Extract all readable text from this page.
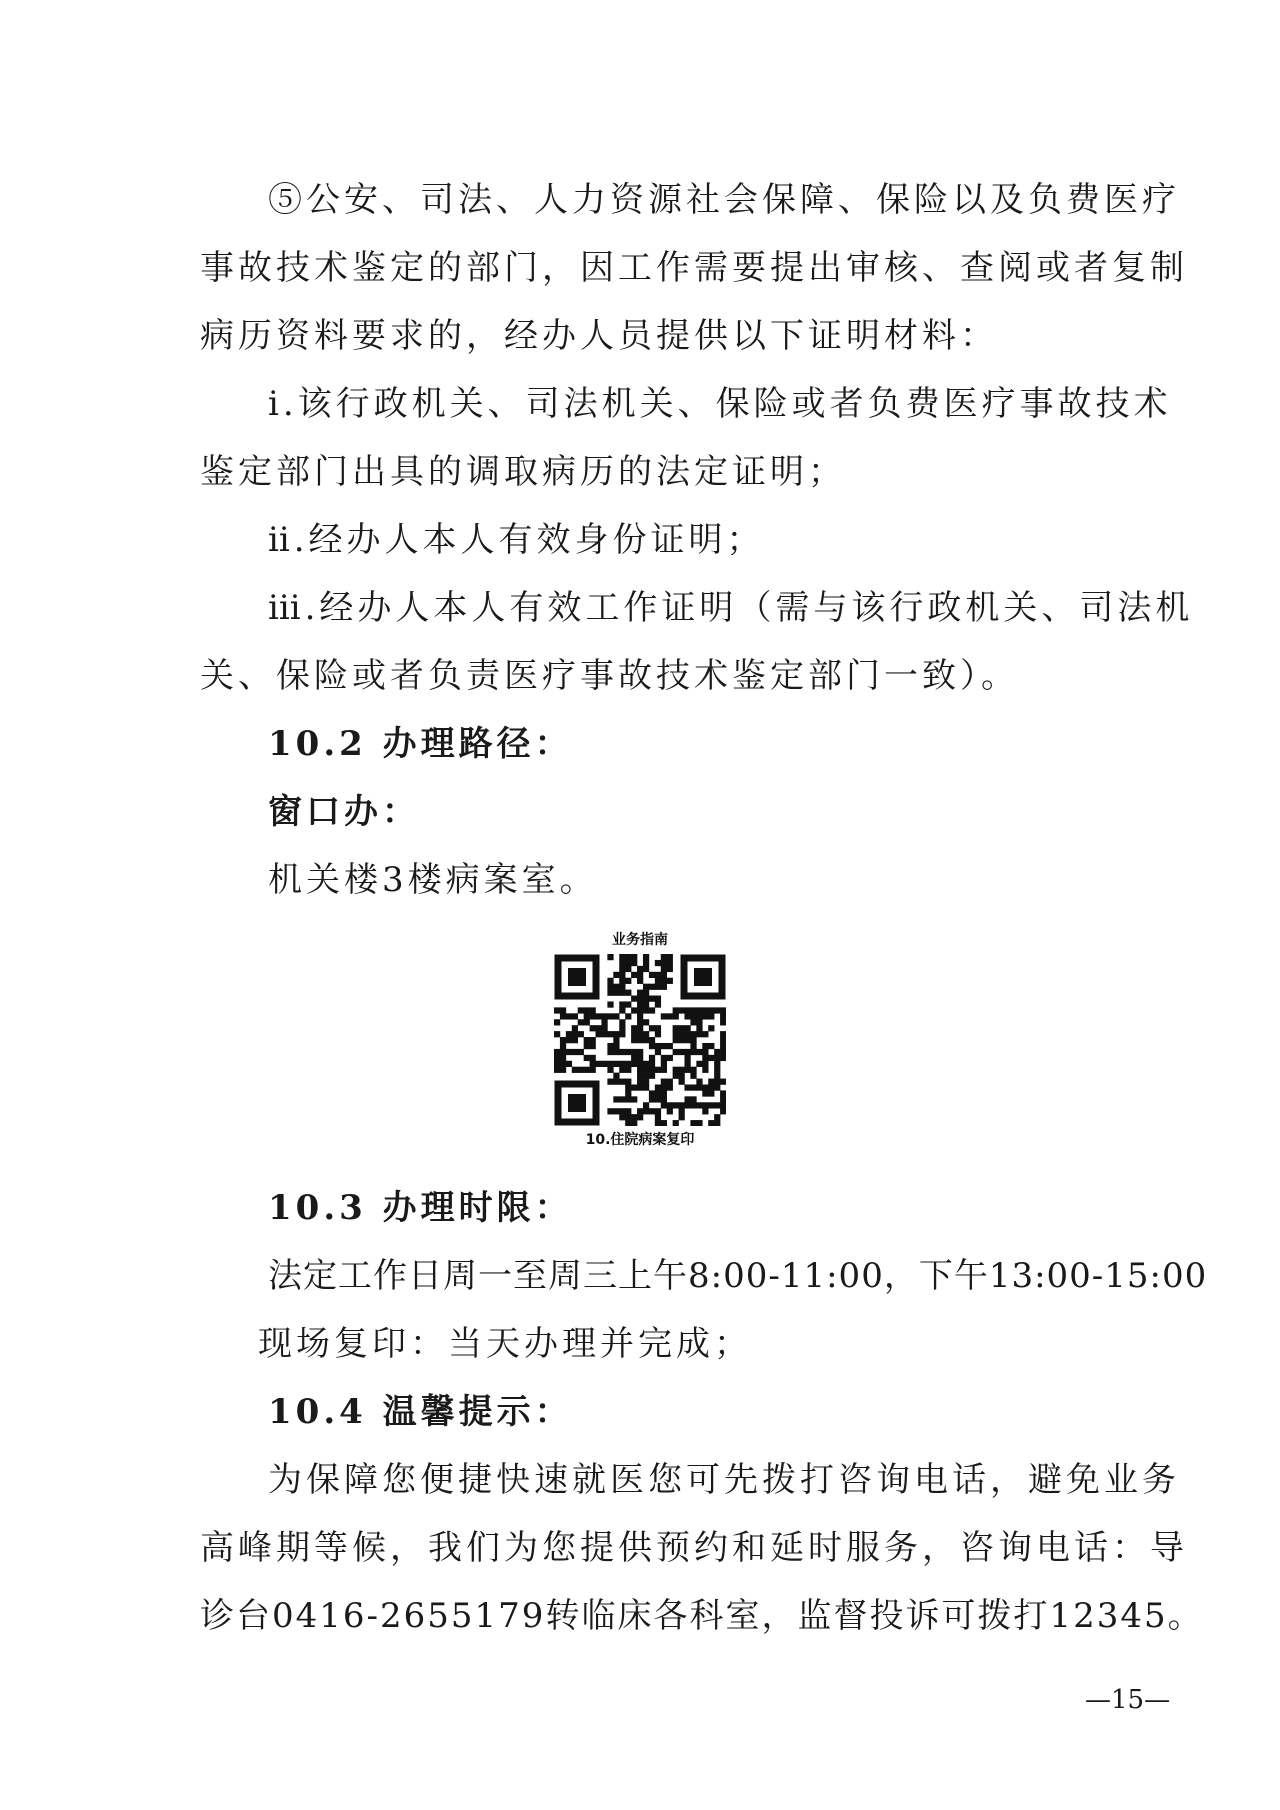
⑤公安、司法、人力资源社会保障、保险以及负费医疗
事故技术鉴定的部门，因工作需要提出审核、查阅或者复制
病历资料要求的，经办人员提供以下证明材料：
ⅰ.该行政机关、司法机关、保险或者负费医疗事故技术
鉴定部门出具的调取病历的法定证明；
ⅱ.经办人本人有效身份证明；
ⅲ.经办人本人有效工作证明（需与该行政机关、司法机
关、保险或者负责医疗事故技术鉴定部门一致）。
10.2 办理路径：
窗口办：
机关楼3楼病案室。
业务指南
10.住院病案复印
10.3 办理时限：
法定工作日周一至周三上午8:00-11:00，下午13:00-15:00
现场复印：当天办理并完成；
10.4 温馨提示：
为保障您便捷快速就医您可先拨打咨询电话，避免业务
高峰期等候，我们为您提供预约和延时服务，咨询电话：导
诊台0416-2655179转临床各科室，监督投诉可拨打12345。
—15—
